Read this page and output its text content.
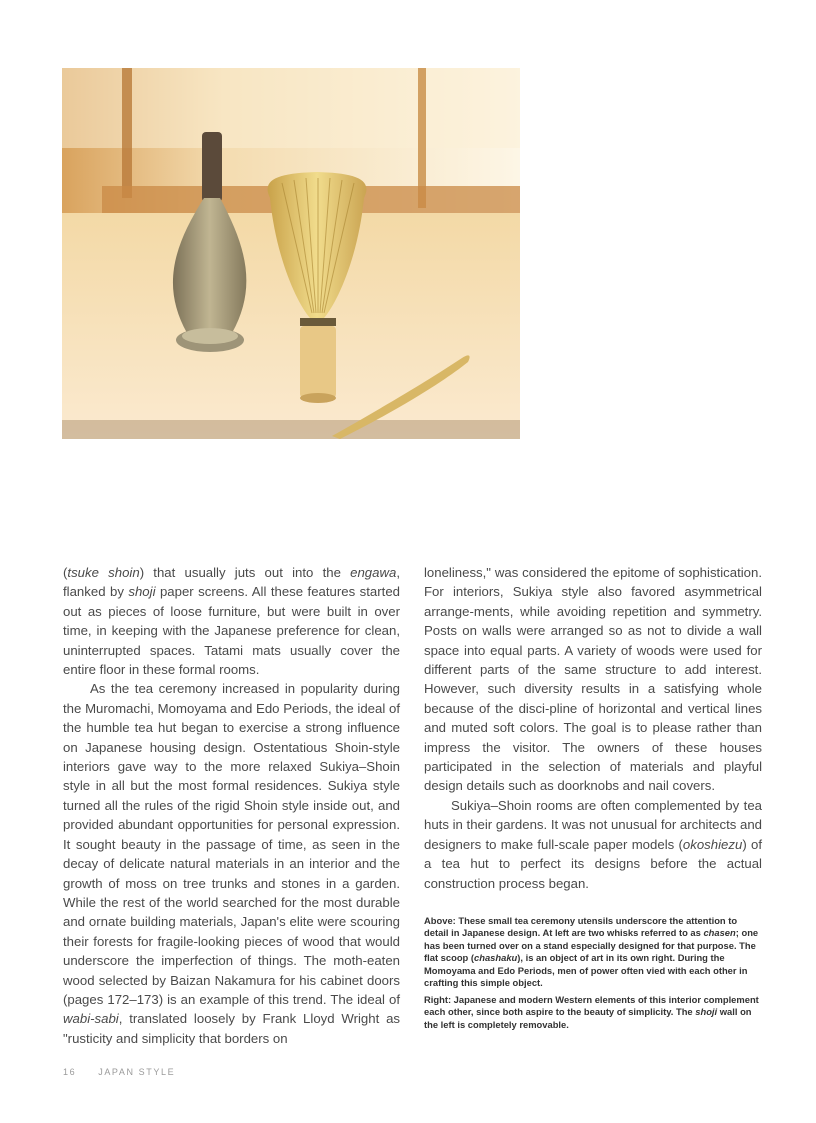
(tsuke shoin) that usually juts out into the engawa, flanked by shoji paper screens. All these features started out as pieces of loose furniture, but were built in over time, in keeping with the Japanese preference for clean, uninterrupted spaces. Tatami mats usually cover the entire floor in these formal rooms.

As the tea ceremony increased in popularity during the Muromachi, Momoyama and Edo Periods, the ideal of the humble tea hut began to exercise a strong influence on Japanese housing design. Ostentatious Shoin-style interiors gave way to the more relaxed Sukiya–Shoin style in all but the most formal residences. Sukiya style turned all the rules of the rigid Shoin style inside out, and provided abundant opportunities for personal expression. It sought beauty in the passage of time, as seen in the decay of delicate natural materials in an interior and the growth of moss on tree trunks and stones in a garden. While the rest of the world searched for the most durable and ornate building materials, Japan's elite were scouring their forests for fragile-looking pieces of wood that would underscore the imperfection of things. The moth-eaten wood selected by Baizan Nakamura for his cabinet doors (pages 172–173) is an example of this trend. The ideal of wabi-sabi, translated loosely by Frank Lloyd Wright as "rusticity and simplicity that borders on

loneliness," was considered the epitome of sophistication. For interiors, Sukiya style also favored asymmetrical arrange-ments, while avoiding repetition and symmetry. Posts on walls were arranged so as not to divide a wall space into equal parts. A variety of woods were used for different parts of the same structure to add interest. However, such diversity results in a satisfying whole because of the disci-pline of horizontal and vertical lines and muted soft colors. The goal is to please rather than impress the visitor. The owners of these houses participated in the selection of materials and playful design details such as doorknobs and nail covers.

Sukiya–Shoin rooms are often complemented by tea huts in their gardens. It was not unusual for architects and designers to make full-scale paper models (okoshiezu) of a tea hut to perfect its designs before the actual construction process began.

Above: These small tea ceremony utensils underscore the attention to detail in Japanese design. At left are two whisks referred to as chasen; one has been turned over on a stand especially designed for that purpose. The flat scoop (chashaku), is an object of art in its own right. During the Momoyama and Edo Periods, men of power often vied with each other in crafting this simple object.
Right: Japanese and modern Western elements of this interior complement each other, since both aspire to the beauty of simplicity. The shoji wall on the left is completely removable.
16 JAPAN STYLE
